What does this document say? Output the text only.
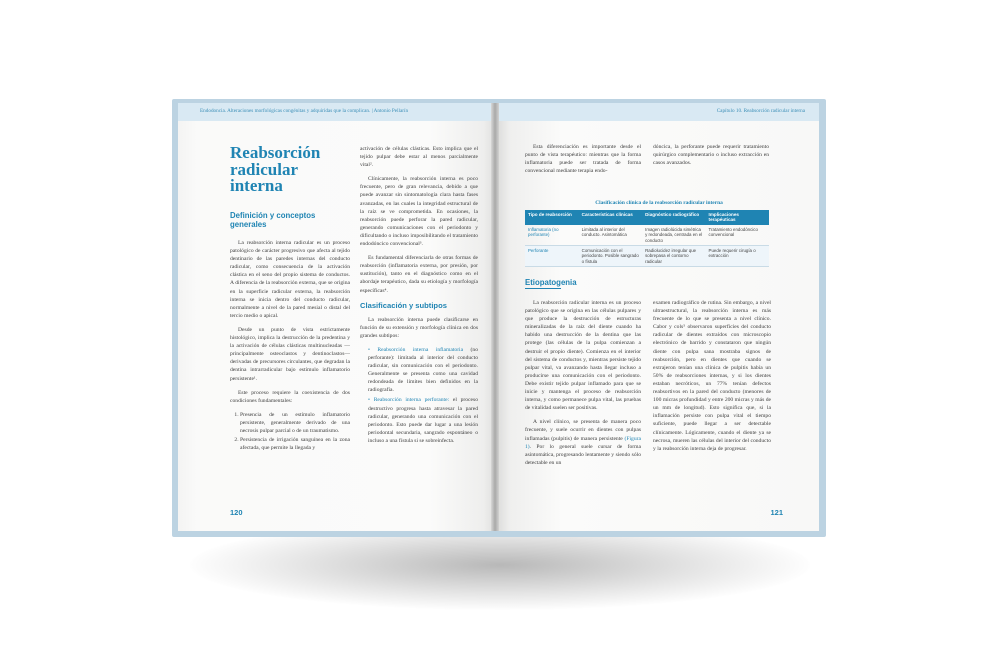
Endodoncia. Alteraciones morfológicas congénitas y adquiridas que la complican. | Antonio Pellarín
Reabsorción radicular interna
Definición y conceptos generales

La reabsorción interna radicular es un proceso patológico de carácter progresivo que afecta al tejido dentinario de las paredes internas del conducto radicular, como consecuencia de la activación clástica en el seno del propio sistema de conductos. A diferencia de la reabsorción externa, que se origina en la superficie radicular externa, la reabsorción interna se inicia dentro del conducto radicular, normalmente a nivel de la pared mesial o distal del tercio medio o apical.

Desde un punto de vista estrictamente histológico, implica la destrucción de la predentina y la activación de células clásticas multinucleadas —principalmente osteoclastos y dentinoclastos— derivadas de precursores circulantes, que degradan la dentina intrarradicular bajo estímulo inflamatorio persistente¹.

Este proceso requiere la coexistencia de dos condiciones fundamentales:

1. Presencia de un estímulo inflamatorio persistente, generalmente derivado de una necrosis pulpar parcial o de un traumatismo.
2. Persistencia de irrigación sanguínea en la zona afectada, que permite la llegada y

activación de células clásticas. Esto implica que el tejido pulpar debe estar al menos parcialmente vital².

Clínicamente, la reabsorción interna es poco frecuente, pero de gran relevancia, debido a que puede avanzar sin sintomatología clara hasta fases avanzadas, en las cuales la integridad estructural de la raíz se ve comprometida. En ocasiones, la reabsorción puede perforar la pared radicular, generando comunicaciones con el periodonto y dificultando o incluso imposibilitando el tratamiento endodóncico convencional³.

Es fundamental diferenciarla de otras formas de reabsorción (inflamatoria externa, por presión, por sustitución), tanto en el diagnóstico como en el abordaje terapéutico, dada su etiología y morfología específicas⁴.

Clasificación y subtipos

La reabsorción interna puede clasificarse en función de su extensión y morfología clínica en dos grandes subtipos:

• Reabsorción interna inflamatoria (no perforante): limitada al interior del conducto radicular, sin comunicación con el periodonto. Generalmente se presenta como una cavidad redondeada de límites bien definidos en la radiografía.
• Reabsorción interna perforante: el proceso destructivo progresa hasta atravesar la pared radicular, generando una comunicación con el periodonto. Esto puede dar lugar a una lesión periodontal secundaria, sangrado espontáneo o incluso a una fístula si se sobreinfecta.
120
Capítulo 10. Reabsorción radicular interna

Esta diferenciación es importante desde el punto de vista terapéutico: mientras que la forma inflamatoria puede ser tratada de forma convencional mediante terapia endo-

dóncica, la perforante puede requerir tratamiento quirúrgico complementario o incluso extracción en casos avanzados.

Clasificación clínica de la reabsorción radicular interna
Tipo de reabsorción	Características clínicas	Diagnóstico radiográfico	Implicaciones terapéuticas
Inflamatoria (no perforante)	Limitada al interior del conducto. Asintomática	Imagen radiolúcida simétrica y redondeada, centrada en el conducto	Tratamiento endodóncico convencional
Perforante	Comunicación con el periodonto. Posible sangrado o fístula	Radiolucidez irregular que sobrepasa el contorno radicular	Puede requerir cirugía o extracción
Etiopatogenia

La reabsorción radicular interna es un proceso patológico que se origina en las células pulpares y que produce la destrucción de estructuras mineralizadas de la raíz del diente cuando ha habido una destrucción de la dentina que las protege (las células de la pulpa comienzan a destruir el propio diente). Comienza en el interior del sistema de conductos y, mientras persiste tejido pulpar vital, va avanzando hasta llegar incluso a producirse una comunicación con el periodonto. Debe existir tejido pulpar inflamado para que se inicie y mantenga el proceso de reabsorción interna, y como permanece pulpa vital, las pruebas de vitalidad suelen ser positivas.

A nivel clínico, se presenta de manera poco frecuente, y suele ocurrir en dientes con pulpas inflamadas (pulpitis) de manera persistente (Figura 1). Por lo general suele cursar de forma asintomática, progresando lentamente y siendo sólo detectable en un

examen radiográfico de rutina. Sin embargo, a nivel ultraestructural, la reabsorción interna es más frecuente de lo que se presenta a nivel clínico. Cabor y cols⁵ observaron superficies del conducto radicular de dientes extraídos con microscopio electrónico de barrido y constataron que ningún diente con pulpa sana mostraba signos de reabsorción, pero en dientes que cuando se extrajeron tenían una clínica de pulpitis había un 50% de reabsorciones internas, y si los dientes estaban necróticos, un 77% tenían defectos reabsortivos en la pared del conducto (menores de 100 micras profundidad y entre 200 micras y más de un mm de longitud). Esto significa que, si la inflamación persiste con pulpa vital el tiempo suficiente, puede llegar a ser detectable clínicamente. Lógicamente, cuando el diente ya se necrosa, mueren las células del interior del conducto y la reabsorción interna deja de progresar.

121
